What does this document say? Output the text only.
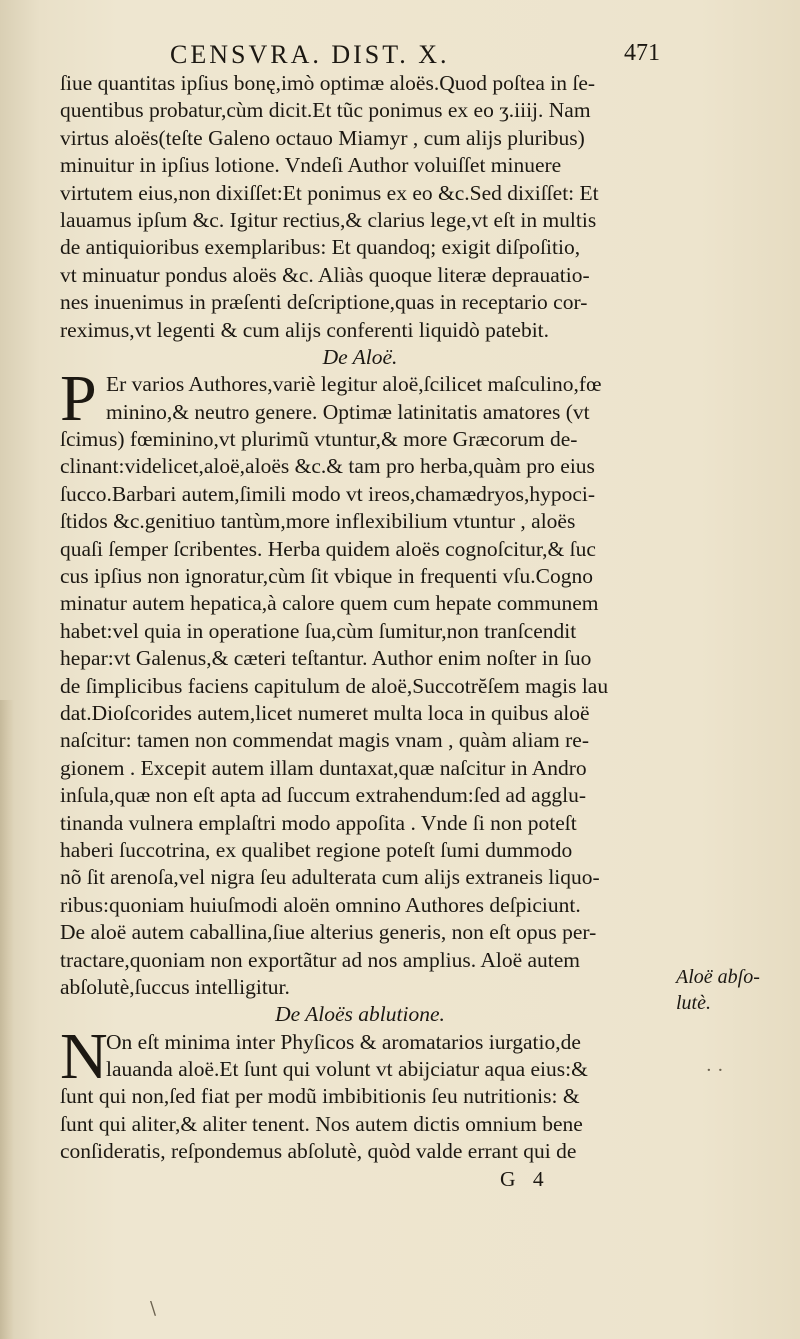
CENSVRA. DIST. X.	471
ſiue quantitas ipſius bonę,imò optimæ aloës.Quod poſtea in ſe-
quentibus probatur,cùm dicit.Et tũc ponimus ex eo ʒ.iiij. Nam
virtus aloës(teſte Galeno octauo Miamyr , cum alijs pluribus)
minuitur in ipſius lotione. Vndeſi Author voluiſſet minuere
virtutem eius,non dixiſſet:Et ponimus ex eo &c.Sed dixiſſet: Et
lauamus ipſum &c. Igitur rectius,& clarius lege,vt eſt in multis
de antiquioribus exemplaribus: Et quandoq; exigit diſpoſitio,
vt minuatur pondus aloës &c. Aliàs quoque literæ deprauatio-
nes inuenimus in præſenti deſcriptione,quas in receptario cor-
reximus,vt legenti & cum alijs conferenti liquidò patebit.
De Aloë.
P Er varios Authores,variè legitur aloë,ſcilicet maſculino,fœ
minino,& neutro genere. Optimæ latinitatis amatores (vt
ſcimus) fœminino,vt plurimũ vtuntur,& more Græcorum de-
clinant:videlicet,aloë,aloës &c.& tam pro herba,quàm pro eius
ſucco.Barbari autem,ſimili modo vt ireos,chamædryos,hypoci-
ſtidos &c.genitiuo tantùm,more inflexibilium vtuntur , aloës
quaſi ſemper ſcribentes. Herba quidem aloës cognoſcitur,& ſuc
cus ipſius non ignoratur,cùm ſit vbique in frequenti vſu.Cogno
minatur autem hepatica,à calore quem cum hepate communem
habet:vel quia in operatione ſua,cùm ſumitur,non tranſcendit
hepar:vt Galenus,& cæteri teſtantur. Author enim noſter in ſuo
de ſimplicibus faciens capitulum de aloë,Succotrĕſem magis lau
dat.Dioſcorides autem,licet numeret multa loca in quibus aloë
naſcitur: tamen non commendat magis vnam , quàm aliam re-
gionem . Excepit autem illam duntaxat,quæ naſcitur in Andro
inſula,quæ non eſt apta ad ſuccum extrahendum:ſed ad agglu-
tinanda vulnera emplaſtri modo appoſita . Vnde ſi non poteſt
haberi ſuccotrina, ex qualibet regione poteſt ſumi dummodo
nõ ſit arenoſa,vel nigra ſeu adulterata cum alijs extraneis liquo-
ribus:quoniam huiuſmodi aloën omnino Authores deſpiciunt.
De aloë autem caballina,ſiue alterius generis, non eſt opus per-
tractare,quoniam non exportãtur ad nos amplius. Aloë autem
abſolutè,ſuccus intelligitur.
De Aloës ablutione.
N
On eſt minima inter Phyſicos & aromatarios iurgatio,de
lauanda aloë.Et ſunt qui volunt vt abijciatur aqua eius:&
ſunt qui non,ſed fiat per modũ imbibitionis ſeu nutritionis: &
ſunt qui aliter,& aliter tenent. Nos autem dictis omnium bene
conſideratis, reſpondemus abſolutè, quòd valde errant qui de
G 4
Aloë abſo-
lutè.
· ·
\
